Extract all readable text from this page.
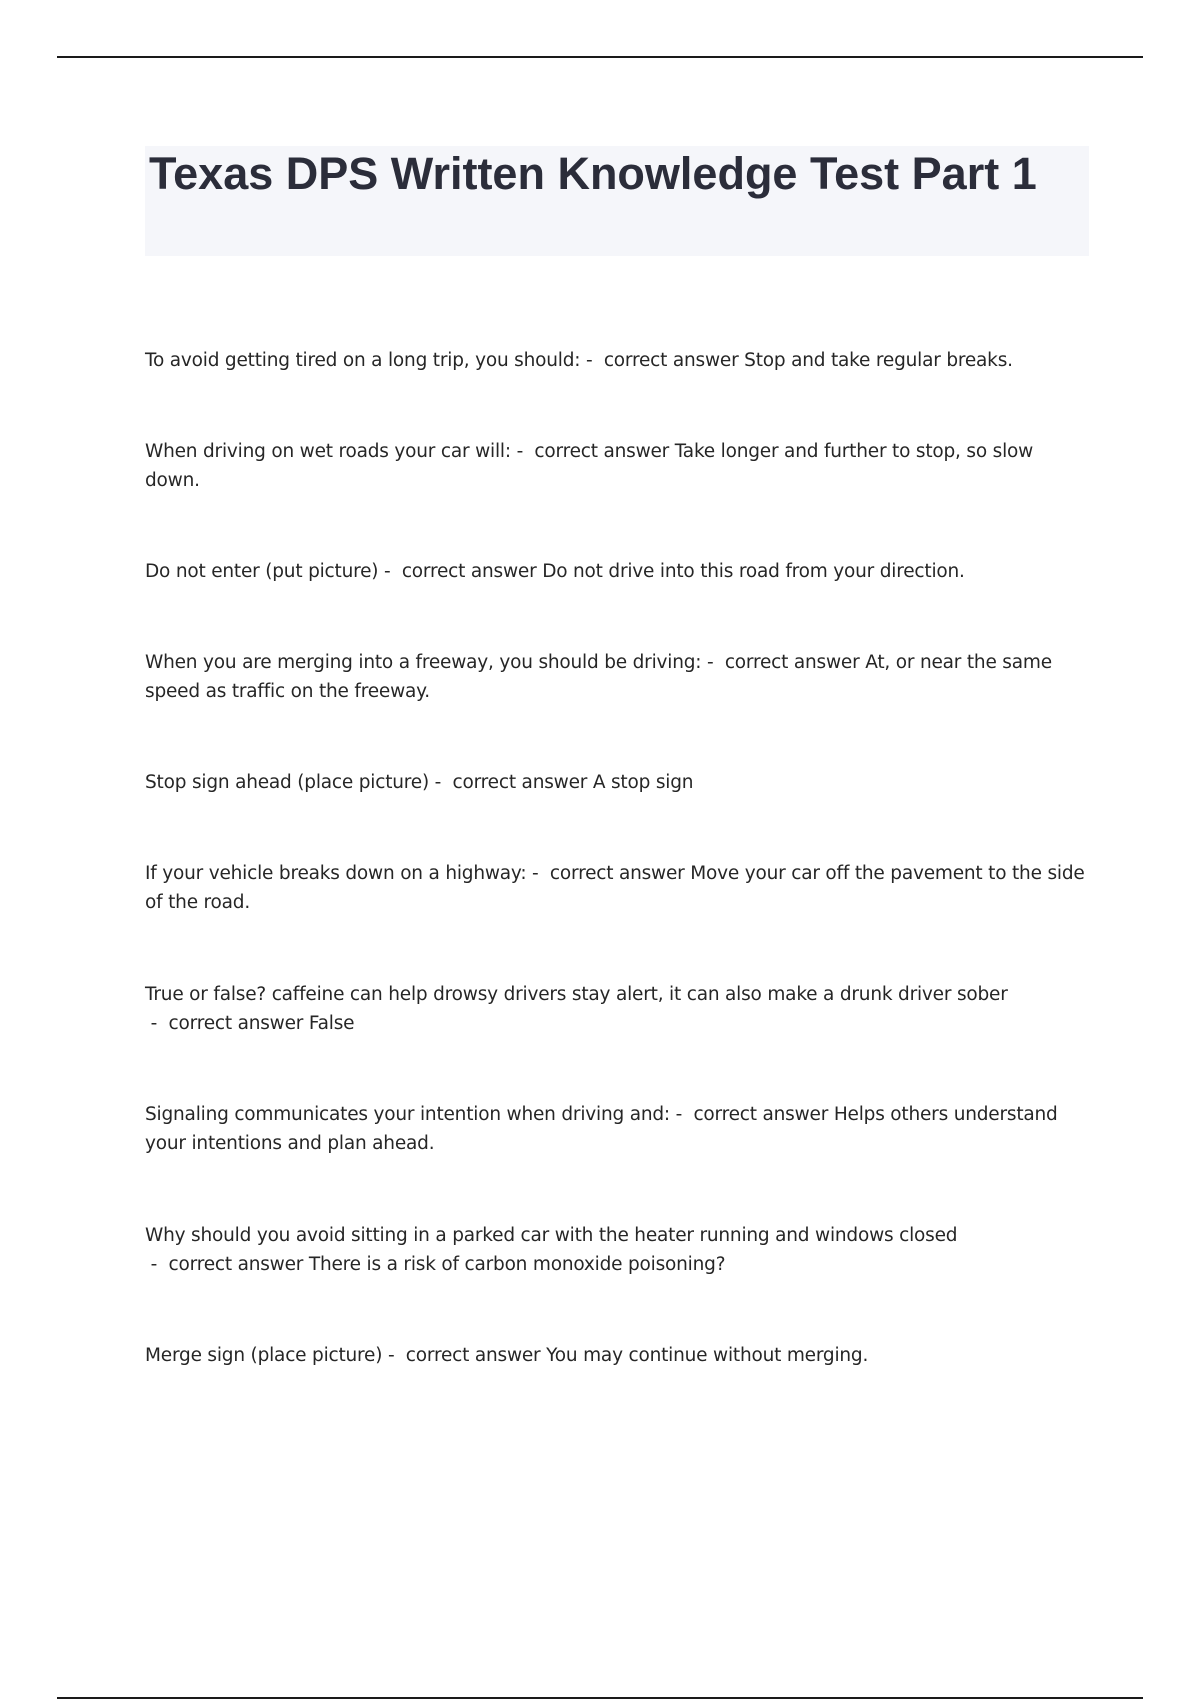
Texas DPS Written Knowledge Test Part 1
To avoid getting tired on a long trip, you should: -  correct answer Stop and take regular breaks.
When driving on wet roads your car will: -  correct answer Take longer and further to stop, so slow down.
Do not enter (put picture) -  correct answer Do not drive into this road from your direction.
When you are merging into a freeway, you should be driving: -  correct answer At, or near the same speed as traffic on the freeway.
Stop sign ahead (place picture) -  correct answer A stop sign
If your vehicle breaks down on a highway: -  correct answer Move your car off the pavement to the side of the road.
True or false? caffeine can help drowsy drivers stay alert, it can also make a drunk driver sober -  correct answer False
Signaling communicates your intention when driving and: -  correct answer Helps others understand your intentions and plan ahead.
Why should you avoid sitting in a parked car with the heater running and windows closed -  correct answer There is a risk of carbon monoxide poisoning?
Merge sign (place picture) -  correct answer You may continue without merging.
